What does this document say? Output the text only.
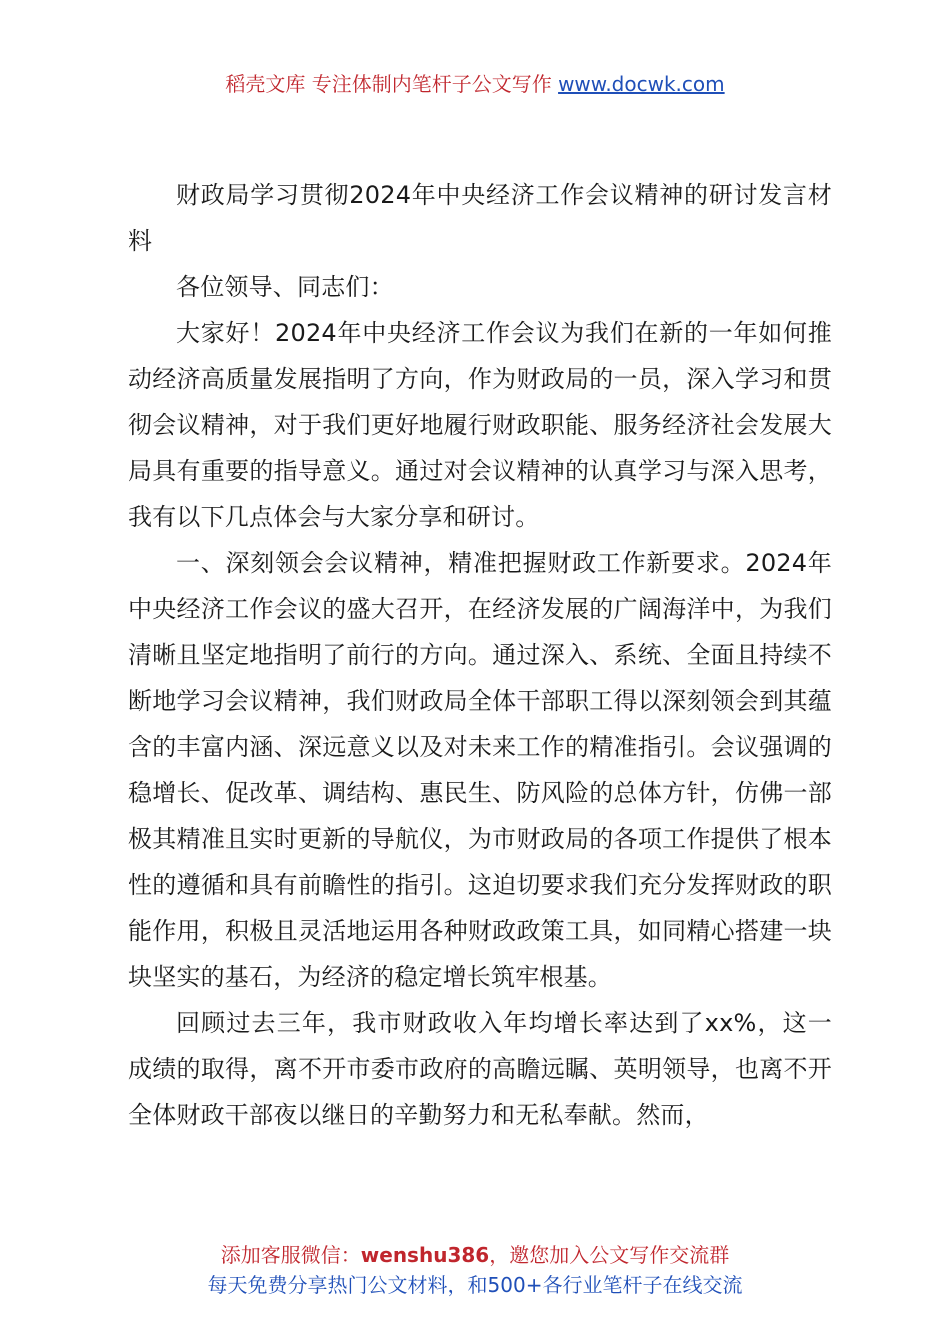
稻壳文库 专注体制内笔杆子公文写作 www.docwk.com

财政局学习贯彻2024年中央经济工作会议精神的研讨发言材料

各位领导、同志们：

大家好！2024年中央经济工作会议为我们在新的一年如何推动经济高质量发展指明了方向，作为财政局的一员，深入学习和贯彻会议精神，对于我们更好地履行财政职能、服务经济社会发展大局具有重要的指导意义。通过对会议精神的认真学习与深入思考，我有以下几点体会与大家分享和研讨。

一、深刻领会会议精神，精准把握财政工作新要求。2024年中央经济工作会议的盛大召开，在经济发展的广阔海洋中，为我们清晰且坚定地指明了前行的方向。通过深入、系统、全面且持续不断地学习会议精神，我们财政局全体干部职工得以深刻领会到其蕴含的丰富内涵、深远意义以及对未来工作的精准指引。会议强调的稳增长、促改革、调结构、惠民生、防风险的总体方针，仿佛一部极其精准且实时更新的导航仪，为市财政局的各项工作提供了根本性的遵循和具有前瞻性的指引。这迫切要求我们充分发挥财政的职能作用，积极且灵活地运用各种财政政策工具，如同精心搭建一块块坚实的基石，为经济的稳定增长筑牢根基。

回顾过去三年，我市财政收入年均增长率达到了xx%，这一成绩的取得，离不开市委市政府的高瞻远瞩、英明领导，也离不开全体财政干部夜以继日的辛勤努力和无私奉献。然而，

添加客服微信：wenshu386，邀您加入公文写作交流群
每天免费分享热门公文材料，和500+各行业笔杆子在线交流
